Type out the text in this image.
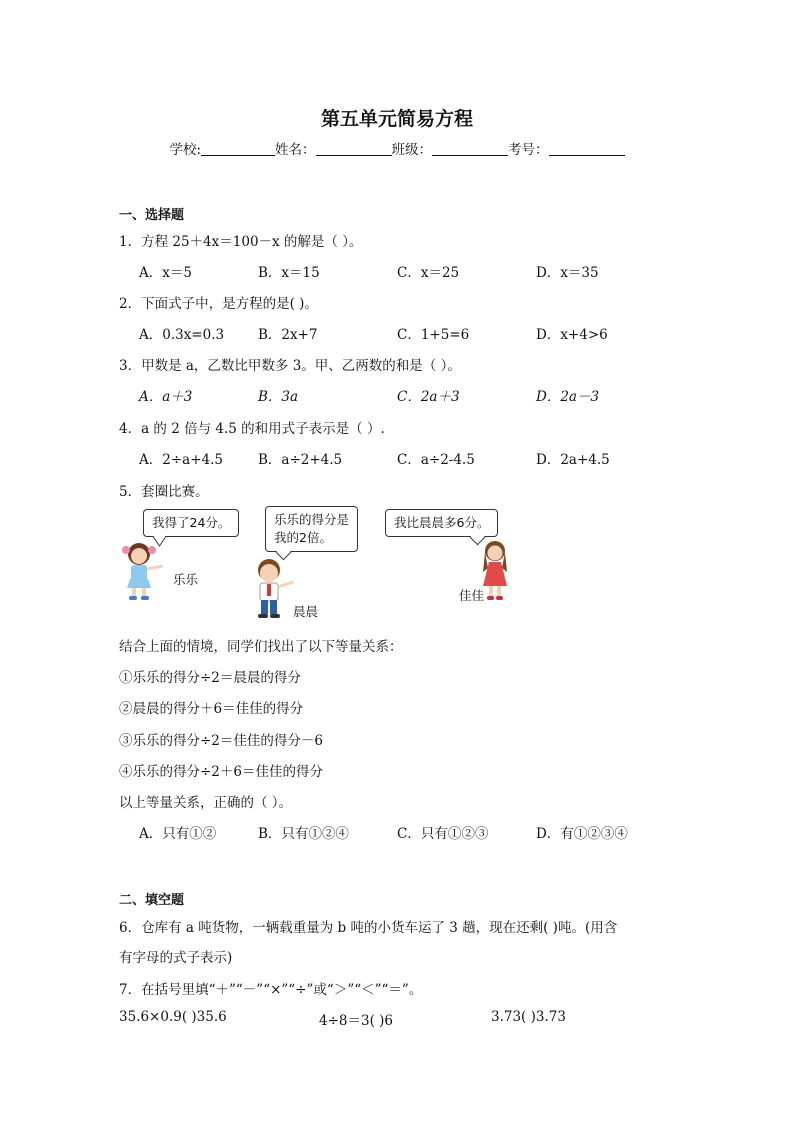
第五单元简易方程
学校:	姓名：	班级：	考号：
一、选择题
1．方程 25＋4x＝100－x 的解是（ ）。
A．x＝5	B．x＝15	C．x＝25	D．x＝35
2．下面式子中，是方程的是( )。
A．0.3x=0.3	B．2x+7	C．1+5=6	D．x+4>6
3．甲数是 a，乙数比甲数多 3。甲、乙两数的和是（ ）。
A．a＋3	B．3a	C．2a＋3	D．2a－3
4．a 的 2 倍与 4.5 的和用式子表示是（ ）.
A．2÷a+4.5	B．a÷2+4.5	C．a÷2-4.5	D．2a+4.5
5．套圈比赛。
我得了24分。	乐乐的得分是
我的2倍。
我比晨晨多6分。
乐乐
晨晨
佳佳
结合上面的情境，同学们找出了以下等量关系：
①乐乐的得分÷2＝晨晨的得分
②晨晨的得分＋6＝佳佳的得分
③乐乐的得分÷2＝佳佳的得分－6
④乐乐的得分÷2＋6＝佳佳的得分
以上等量关系，正确的（ ）。
A．只有①②	B．只有①②④	C．只有①②③	D．有①②③④
二、填空题
6．仓库有 a 吨货物，一辆载重量为 b 吨的小货车运了 3 趟，现在还剩( )吨。(用含
有字母的式子表示)
7．在括号里填“＋”“－”“×”“÷”或“＞”“＜”“＝”。
35.6×0.9( )35.6	4÷8＝3( )6	3.73( )3.73
